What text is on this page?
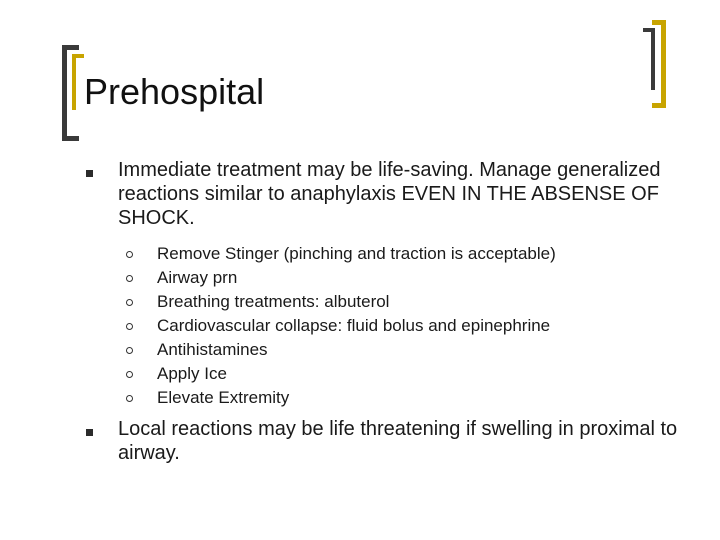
Prehospital
Immediate treatment may be life-saving. Manage generalized reactions similar to anaphylaxis EVEN IN THE ABSENSE OF SHOCK.
Remove Stinger (pinching and traction is acceptable)
Airway prn
Breathing treatments: albuterol
Cardiovascular collapse: fluid bolus and epinephrine
Antihistamines
Apply Ice
Elevate Extremity
Local reactions may be life threatening if swelling in proximal to airway.
